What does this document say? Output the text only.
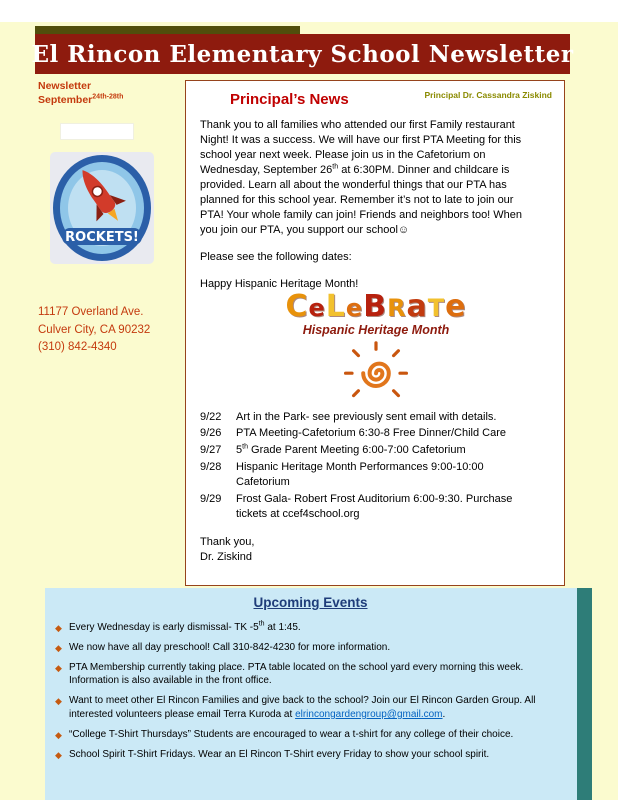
El Rincon Elementary School Newsletter
Newsletter
September$^{24th-28th}$
ROCKETS!
11177 Overland Ave.
Culver City, CA 90232
(310) 842-4340
Principal’s News	Principal Dr. Cassandra Ziskind

Thank you to all families who attended our first Family restaurant Night! It was a success. We will have our first PTA Meeting for this school year next week. Please join us in the Cafetorium on Wednesday, September 26th at 6:30PM. Dinner and childcare is provided. Learn all about the wonderful things that our PTA has planned for this school year. Remember it’s not to late to join our PTA! Your whole family can join! Friends and neighbors too! When you join our PTA, you support our school☺

Please see the following dates:

Happy Hispanic Heritage Month!

CeLeBRaTe
Hispanic Heritage Month
9/22	Art in the Park- see previously sent email with details.
9/26	PTA Meeting-Cafetorium 6:30-8 Free Dinner/Child Care
9/27	5th Grade Parent Meeting 6:00-7:00 Cafetorium
9/28	Hispanic Heritage Month Performances 9:00-10:00 Cafetorium
9/29	Frost Gala- Robert Frost Auditorium 6:00-9:30. Purchase tickets at ccef4school.org
Thank you,
Dr. Ziskind
Upcoming Events
◆ Every Wednesday is early dismissal- TK -5th at 1:45.
◆ We now have all day preschool! Call 310-842-4230 for more information.
◆ PTA Membership currently taking place. PTA table located on the school yard every morning this week. Information is also available in the front office.
◆ Want to meet other El Rincon Families and give back to the school? Join our El Rincon Garden Group. All interested volunteers please email Terra Kuroda at elrincongardengroup@gmail.com.
◆ “College T-Shirt Thursdays” Students are encouraged to wear a t-shirt for any college of their choice.
◆ School Spirit T-Shirt Fridays. Wear an El Rincon T-Shirt every Friday to show your school spirit.
